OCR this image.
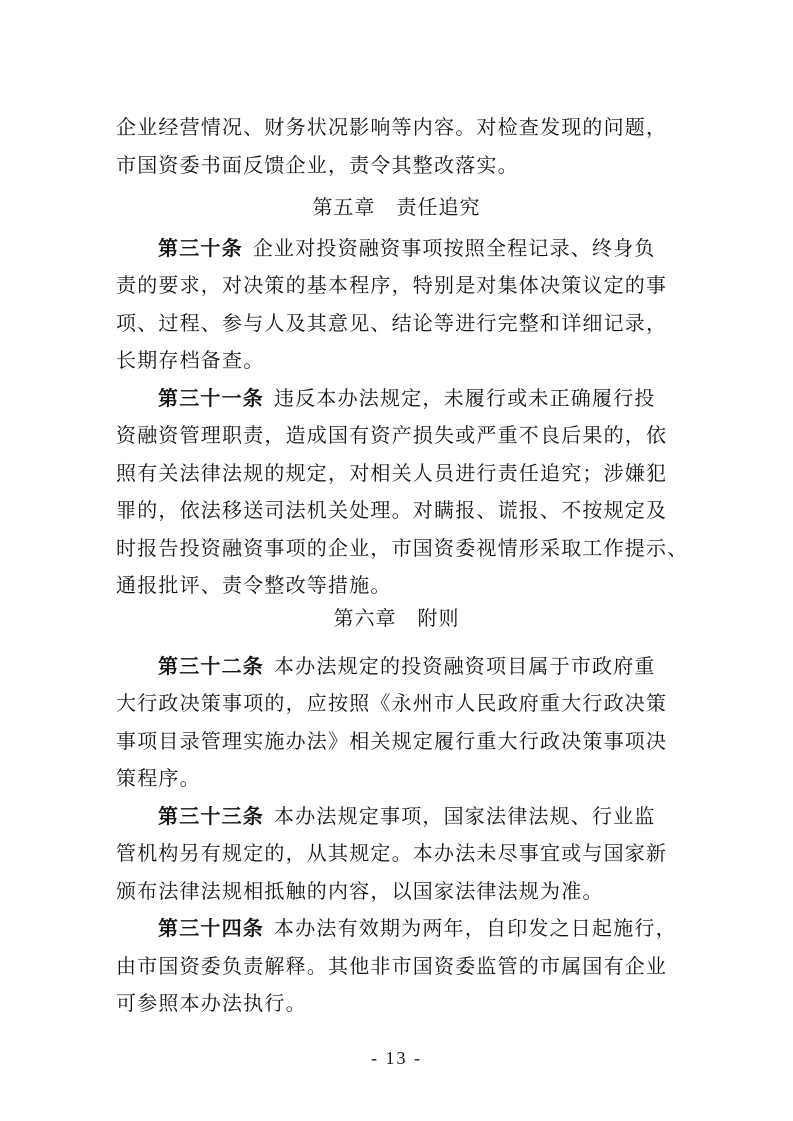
企业经营情况、财务状况影响等内容。对检查发现的问题，

市国资委书面反馈企业，责令其整改落实。

第五章　责任追究

第三十条 企业对投资融资事项按照全程记录、终身负

责的要求，对决策的基本程序，特别是对集体决策议定的事

项、过程、参与人及其意见、结论等进行完整和详细记录，

长期存档备查。

第三十一条 违反本办法规定，未履行或未正确履行投

资融资管理职责，造成国有资产损失或严重不良后果的，依

照有关法律法规的规定，对相关人员进行责任追究；涉嫌犯

罪的，依法移送司法机关处理。对瞒报、谎报、不按规定及

时报告投资融资事项的企业，市国资委视情形采取工作提示、

通报批评、责令整改等措施。

第六章　附则

第三十二条 本办法规定的投资融资项目属于市政府重

大行政决策事项的，应按照《永州市人民政府重大行政决策

事项目录管理实施办法》相关规定履行重大行政决策事项决

策程序。

第三十三条 本办法规定事项，国家法律法规、行业监

管机构另有规定的，从其规定。本办法未尽事宜或与国家新

颁布法律法规相抵触的内容，以国家法律法规为准。

第三十四条 本办法有效期为两年，自印发之日起施行，

由市国资委负责解释。其他非市国资委监管的市属国有企业

可参照本办法执行。

- 13 -
